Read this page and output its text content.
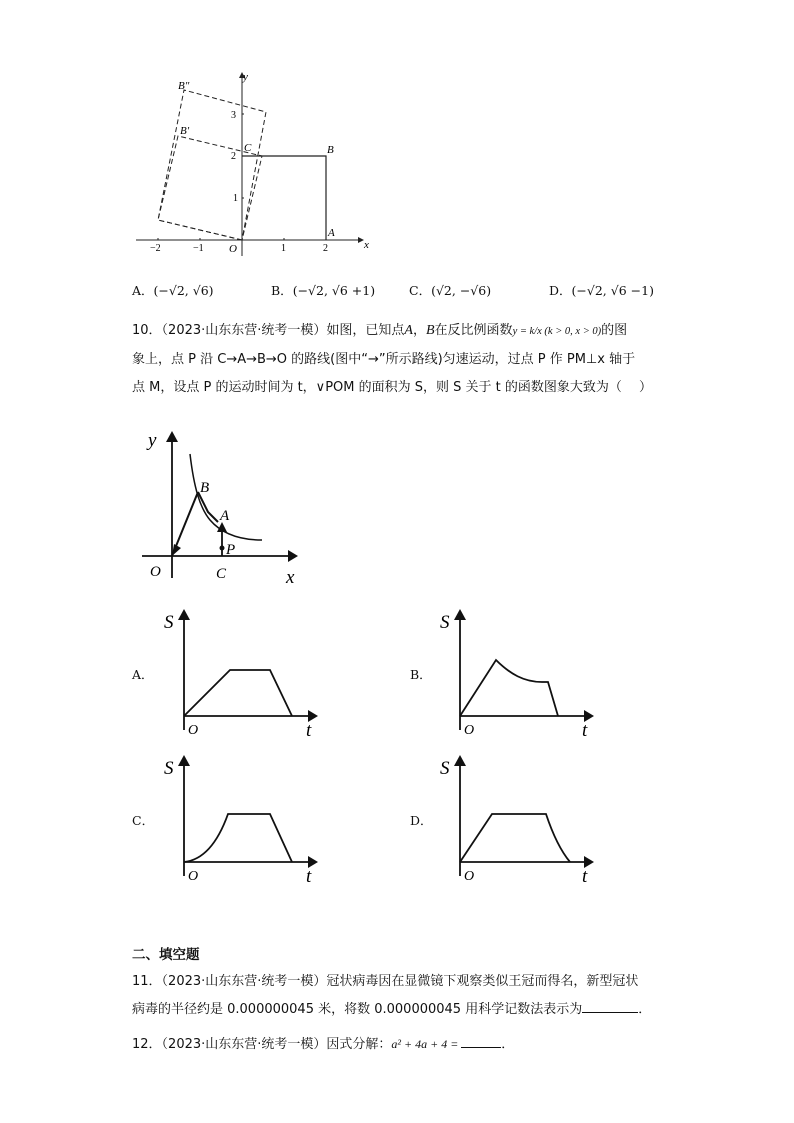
x
y
−2	−1 O	1	2
1
2
3
A
B
C
B′
B″
A．(−√2, √6)	B．(−√2, √6 +1)	C．(√2, −√6)	D．(−√2, √6 −1)
10．（2023·山东东营·统考一模）如图，已知点A，B在反比例函数y = k/x (k > 0, x > 0)的图
象上，点 P 沿 C→A→B→O 的路线(图中“→”所示路线)匀速运动，过点 P 作 PM⊥x 轴于
点 M，设点 P 的运动时间为 t，∨POM 的面积为 S，则 S 关于 t 的函数图象大致为（　 ）
y
x
O
B
A
P
C
A．
S
O	t
B．
S
O	t
C．
S
O	t
D．
S
O	t
二、填空题
11．（2023·山东东营·统考一模）冠状病毒因在显微镜下观察类似王冠而得名，新型冠状
病毒的半径约是 0.000000045 米，将数 0.000000045 用科学记数法表示为	．
12．（2023·山东东营·统考一模）因式分解：a² + 4a + 4 =	．
